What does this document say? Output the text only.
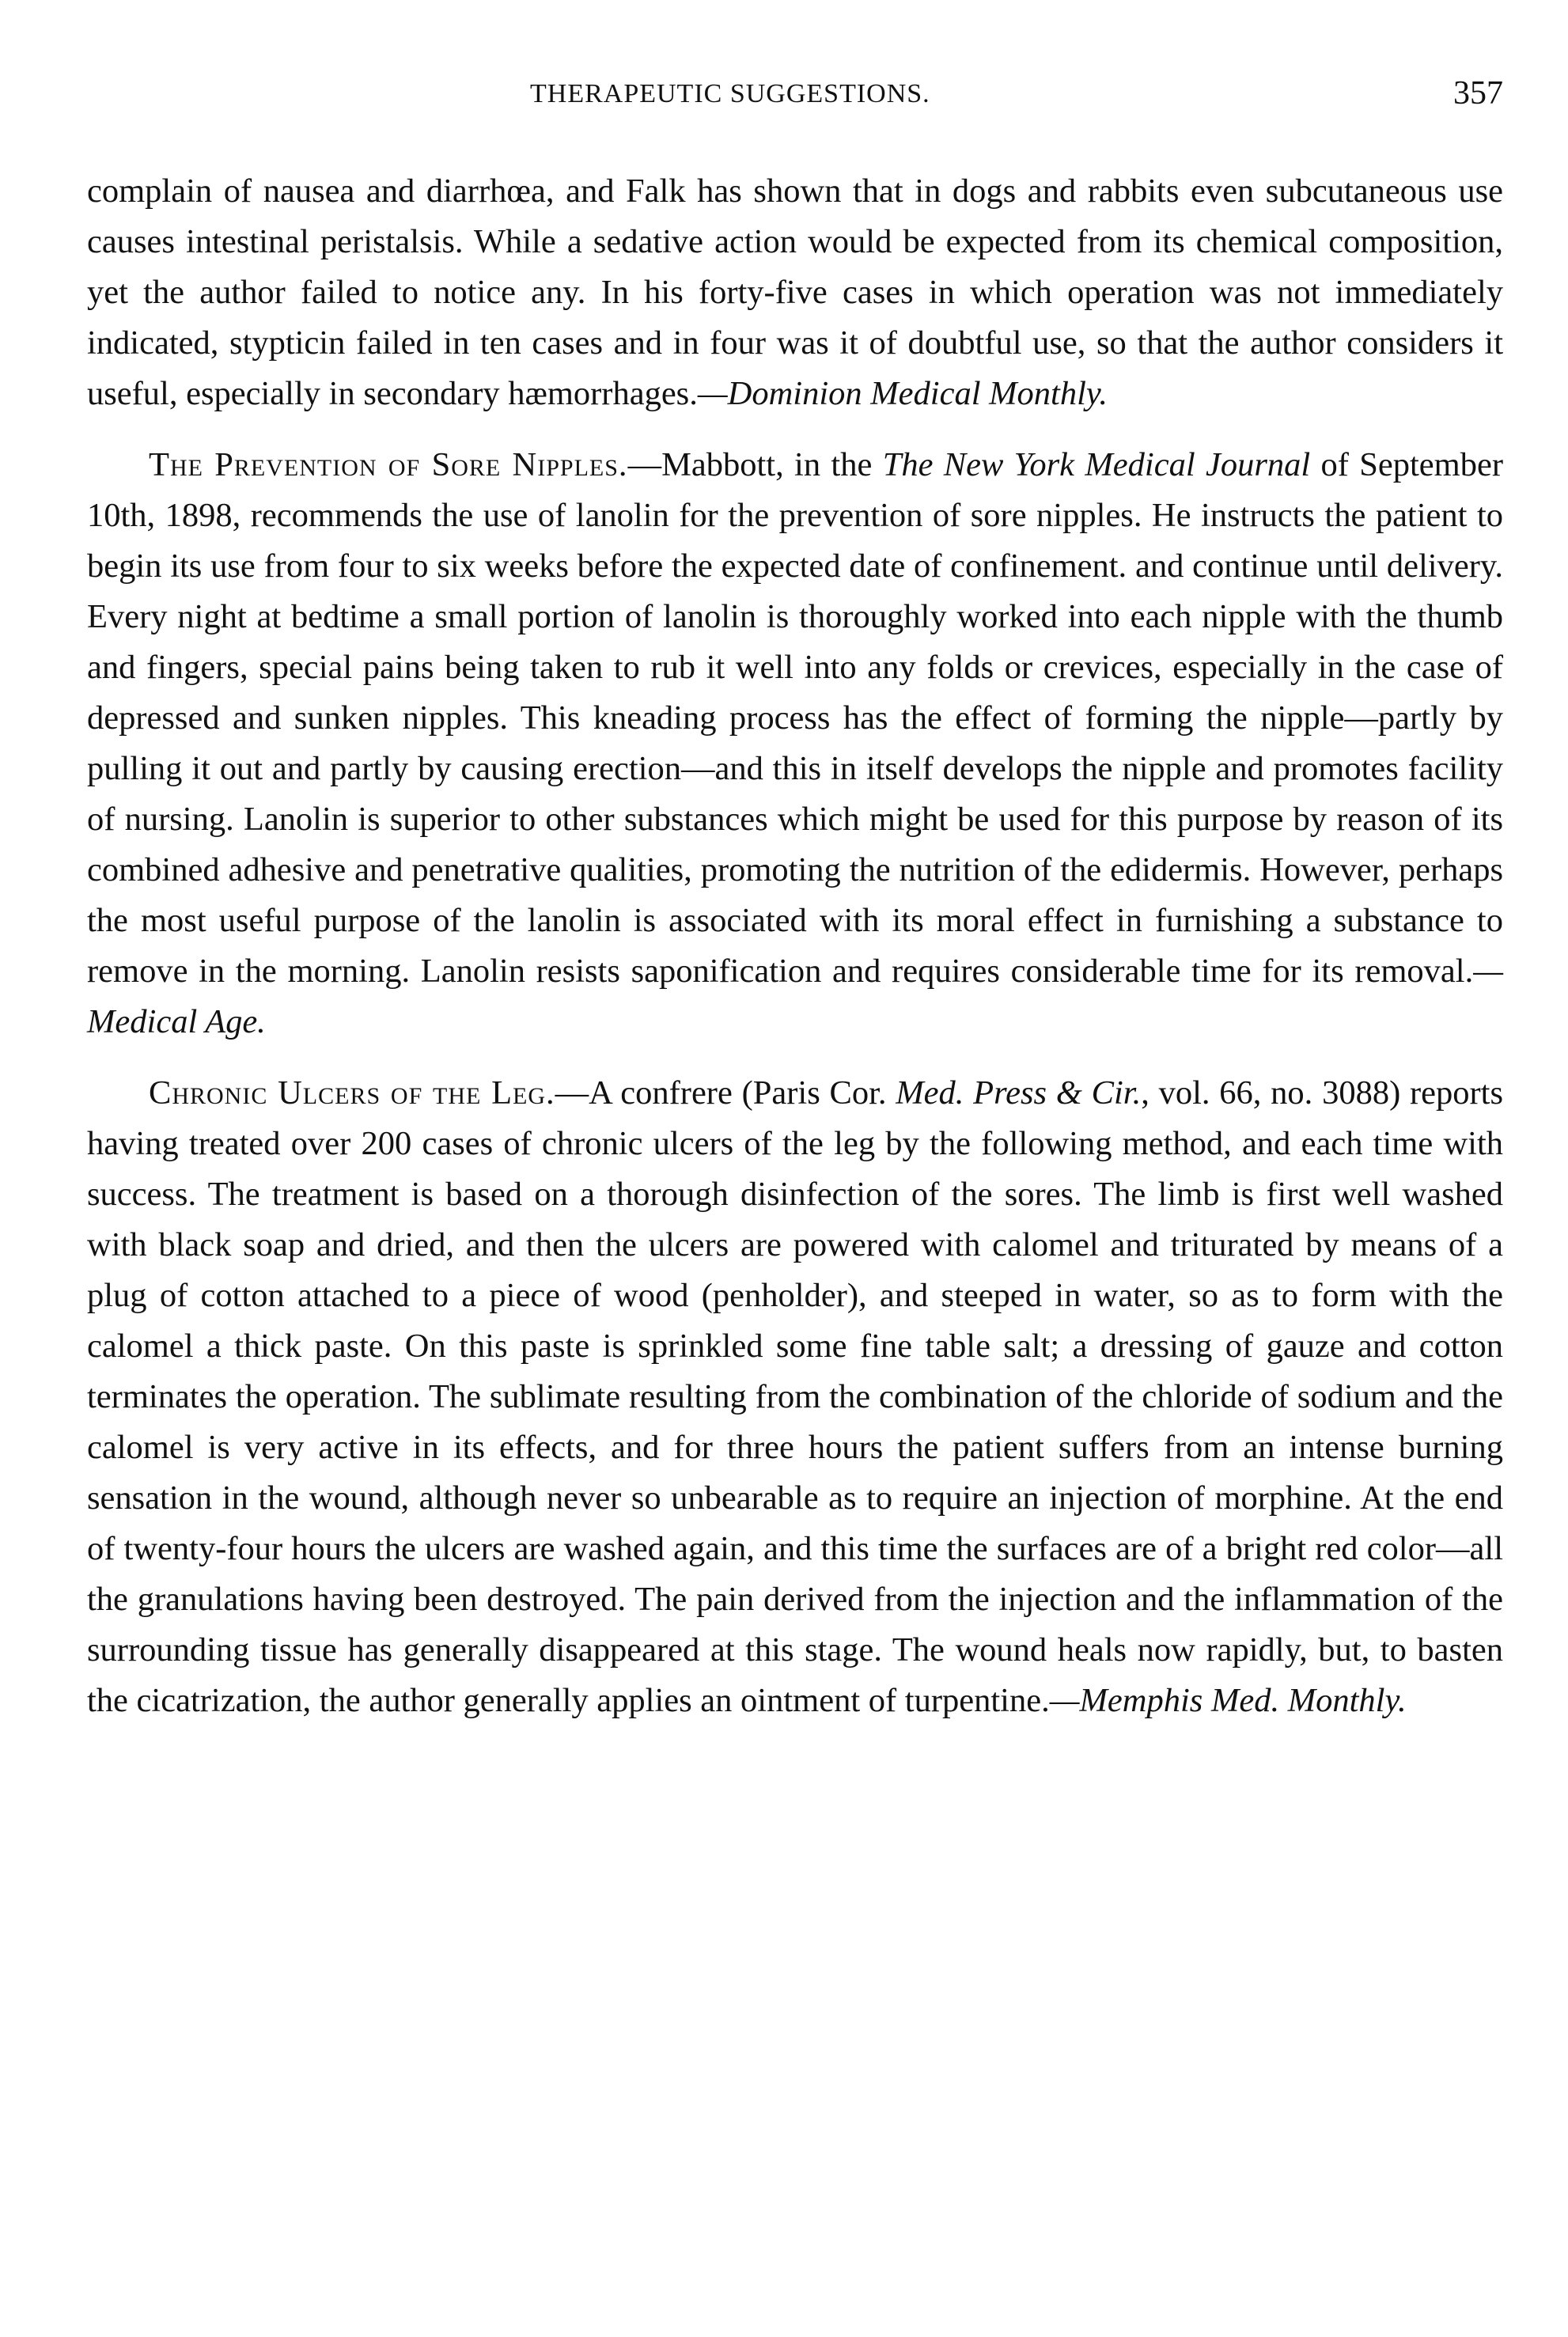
THERAPEUTIC SUGGESTIONS.	357

complain of nausea and diarrhœa, and Falk has shown that in dogs and rabbits even subcutaneous use causes intestinal peristalsis. While a sedative action would be expected from its chemical composition, yet the author failed to notice any. In his forty-five cases in which operation was not immediately indicated, stypticin failed in ten cases and in four was it of doubtful use, so that the author considers it useful, especially in secondary hæmorrhages.—Dominion Medical Monthly.

The Prevention of Sore Nipples.—Mabbott, in the The New York Medical Journal of September 10th, 1898, recommends the use of lanolin for the prevention of sore nipples. He instructs the patient to begin its use from four to six weeks before the expected date of confinement. and continue until delivery. Every night at bedtime a small portion of lanolin is thoroughly worked into each nipple with the thumb and fingers, special pains being taken to rub it well into any folds or crevices, especially in the case of depressed and sunken nipples. This kneading process has the effect of forming the nipple—partly by pulling it out and partly by causing erection—and this in itself develops the nipple and promotes facility of nursing. Lanolin is superior to other substances which might be used for this purpose by reason of its combined adhesive and penetrative qualities, promoting the nutrition of the edidermis. However, perhaps the most useful purpose of the lanolin is associated with its moral effect in furnishing a substance to remove in the morning. Lanolin resists saponification and requires considerable time for its removal.—Medical Age.

Chronic Ulcers of the Leg.—A confrere (Paris Cor. Med. Press & Cir., vol. 66, no. 3088) reports having treated over 200 cases of chronic ulcers of the leg by the following method, and each time with success. The treatment is based on a thorough disinfection of the sores. The limb is first well washed with black soap and dried, and then the ulcers are powered with calomel and triturated by means of a plug of cotton attached to a piece of wood (penholder), and steeped in water, so as to form with the calomel a thick paste. On this paste is sprinkled some fine table salt; a dressing of gauze and cotton terminates the operation. The sublimate resulting from the combination of the chloride of sodium and the calomel is very active in its effects, and for three hours the patient suffers from an intense burning sensation in the wound, although never so unbearable as to require an injection of morphine. At the end of twenty-four hours the ulcers are washed again, and this time the surfaces are of a bright red color—all the granulations having been destroyed. The pain derived from the injection and the inflammation of the surrounding tissue has generally disappeared at this stage. The wound heals now rapidly, but, to basten the cicatrization, the author generally applies an ointment of turpentine.—Memphis Med. Monthly.
